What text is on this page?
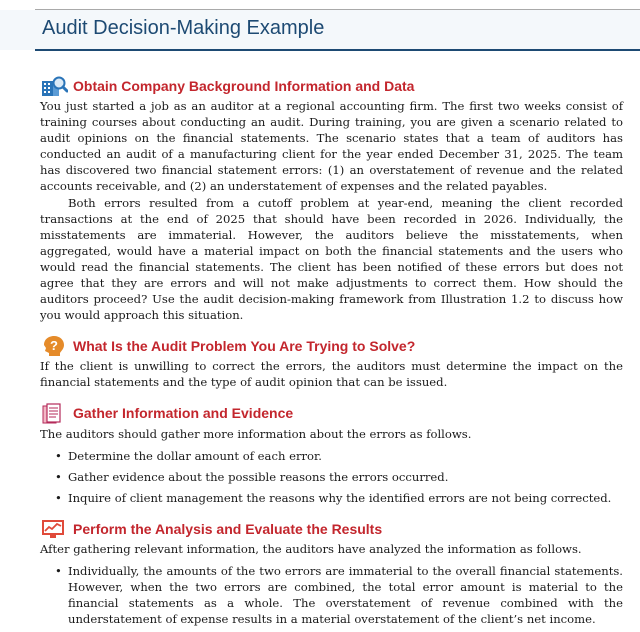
Audit Decision-Making Example
Obtain Company Background Information and Data

You just started a job as an auditor at a regional accounting firm. The first two weeks consist of training courses about conducting an audit. During training, you are given a scenario related to audit opinions on the financial statements. The scenario states that a team of auditors has conducted an audit of a manufacturing client for the year ended December 31, 2025. The team has discovered two financial statement errors: (1) an overstatement of revenue and the related accounts receivable, and (2) an understatement of expenses and the related payables.

Both errors resulted from a cutoff problem at year-end, meaning the client recorded transactions at the end of 2025 that should have been recorded in 2026. Individually, the misstatements are immaterial. However, the auditors believe the misstatements, when aggregated, would have a material impact on both the financial statements and the users who would read the financial statements. The client has been notified of these errors but does not agree that they are errors and will not make adjustments to correct them. How should the auditors proceed? Use the audit decision-making framework from Illustration 1.2 to discuss how you would approach this situation.

? What Is the Audit Problem You Are Trying to Solve?

If the client is unwilling to correct the errors, the auditors must determine the impact on the financial statements and the type of audit opinion that can be issued.

Gather Information and Evidence

The auditors should gather more information about the errors as follows.

• Determine the dollar amount of each error.
• Gather evidence about the possible reasons the errors occurred.
• Inquire of client management the reasons why the identified errors are not being corrected.
Perform the Analysis and Evaluate the Results

After gathering relevant information, the auditors have analyzed the information as follows.

• Individually, the amounts of the two errors are immaterial to the overall financial statements. However, when the two errors are combined, the total error amount is material to the financial statements as a whole. The overstatement of revenue combined with the understatement of expense results in a material overstatement of the client’s net income.
